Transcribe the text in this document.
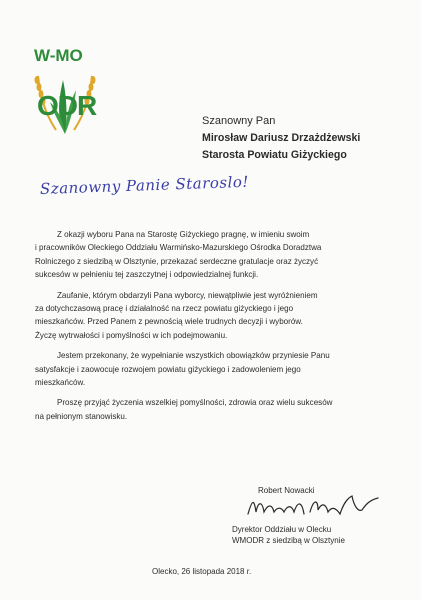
W-MO
ODR	Szanowny Pan
Mirosław Dariusz Drzażdżewski
Starosta Powiatu Giżyckiego
Szanowny Panie Staroslo!

Z okazji wyboru Pana na Starostę Giżyckiego pragnę, w imieniu swoim
i pracowników Oleckiego Oddziału Warmińsko-Mazurskiego Ośrodka Doradztwa
Rolniczego z siedzibą w Olsztynie, przekazać serdeczne gratulacje oraz życzyć
sukcesów w pełnieniu tej zaszczytnej i odpowiedzialnej funkcji.

Zaufanie, którym obdarzyli Pana wyborcy, niewątpliwie jest wyróżnieniem
za dotychczasową pracę i działalność na rzecz powiatu giżyckiego i jego
mieszkańców. Przed Panem z pewnością wiele trudnych decyzji i wyborów.
Życzę wytrwałości i pomyślności w ich podejmowaniu.

Jestem przekonany, że wypełnianie wszystkich obowiązków przyniesie Panu
satysfakcje i zaowocuje rozwojem powiatu giżyckiego i zadowoleniem jego
mieszkańców.

Proszę przyjąć życzenia wszelkiej pomyślności, zdrowia oraz wielu sukcesów
na pełnionym stanowisku.

Robert Nowacki
Dyrektor Oddziału w Olecku
WMODR z siedzibą w Olsztynie
Olecko, 26 listopada 2018 r.
